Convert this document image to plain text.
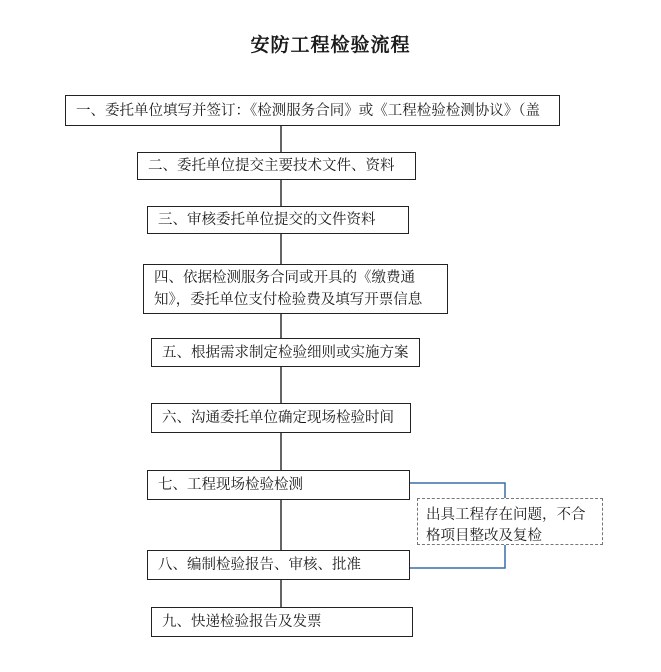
安防工程检验流程
一、委托单位填写并签订：《检测服务合同》或《工程检验检测协议》（盖
二、委托单位提交主要技术文件、资料
三、审核委托单位提交的文件资料
四、依据检测服务合同或开具的《缴费通知》，委托单位支付检验费及填写开票信息
五、根据需求制定检验细则或实施方案
六、沟通委托单位确定现场检验时间
七、工程现场检验检测
八、编制检验报告、审核、批准
九、快递检验报告及发票
出具工程存在问题，不合格项目整改及复检
